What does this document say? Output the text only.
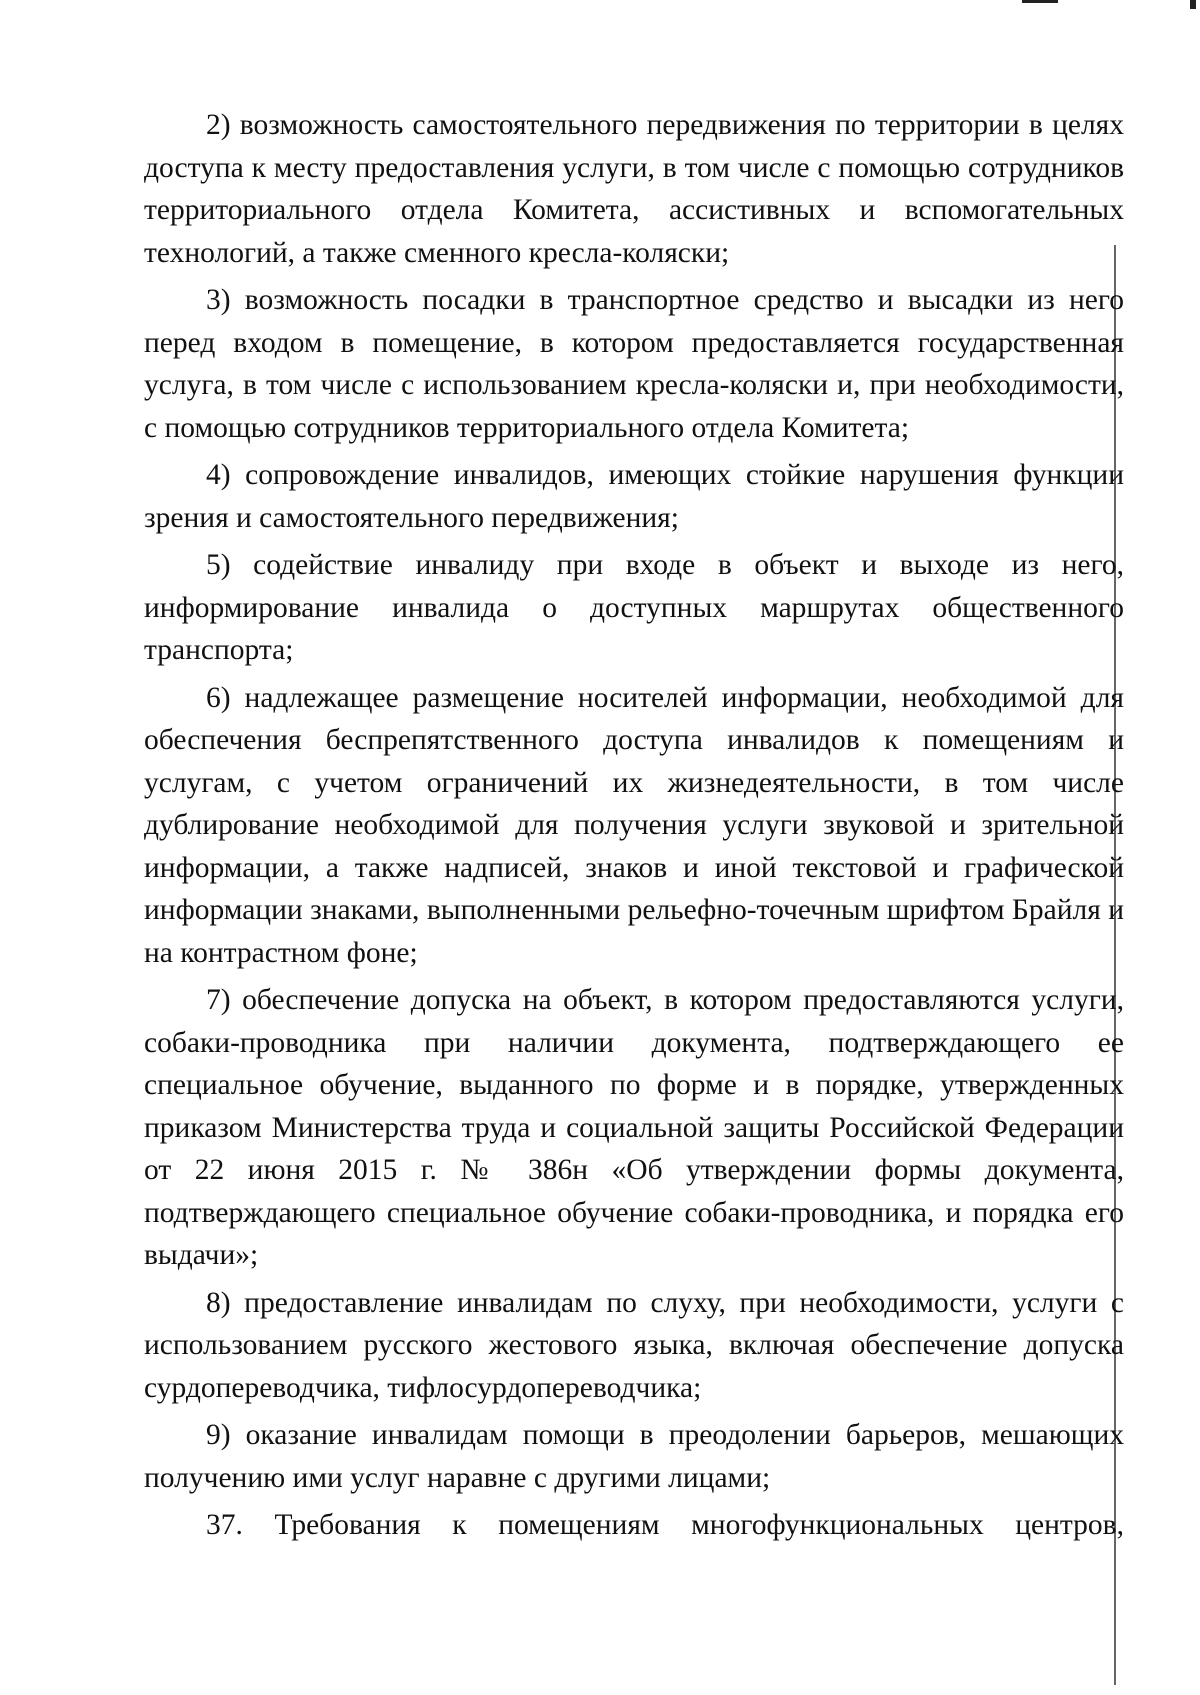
2) возможность самостоятельного передвижения по территории в целях доступа к месту предоставления услуги, в том числе с помощью сотрудников территориального отдела Комитета, ассистивных и вспомогательных технологий, а также сменного кресла-коляски;

3) возможность посадки в транспортное средство и высадки из него перед входом в помещение, в котором предоставляется государственная услуга, в том числе с использованием кресла-коляски и, при необходимости, с помощью сотрудников территориального отдела Комитета;

4) сопровождение инвалидов, имеющих стойкие нарушения функции зрения и самостоятельного передвижения;

5) содействие инвалиду при входе в объект и выходе из него, информирование инвалида о доступных маршрутах общественного транспорта;

6) надлежащее размещение носителей информации, необходимой для обеспечения беспрепятственного доступа инвалидов к помещениям и услугам, с учетом ограничений их жизнедеятельности, в том числе дублирование необходимой для получения услуги звуковой и зрительной информации, а также надписей, знаков и иной текстовой и графической информации знаками, выполненными рельефно-точечным шрифтом Брайля и на контрастном фоне;

7) обеспечение допуска на объект, в котором предоставляются услуги, собаки-проводника при наличии документа, подтверждающего ее специальное обучение, выданного по форме и в порядке, утвержденных приказом Министерства труда и социальной защиты Российской Федерации от 22 июня 2015 г. № 386н «Об утверждении формы документа, подтверждающего специальное обучение собаки-проводника, и порядка его выдачи»;

8) предоставление инвалидам по слуху, при необходимости, услуги с использованием русского жестового языка, включая обеспечение допуска сурдопереводчика, тифлосурдопереводчика;

9) оказание инвалидам помощи в преодолении барьеров, мешающих получению ими услуг наравне с другими лицами;

37. Требования к помещениям многофункциональных центров,
